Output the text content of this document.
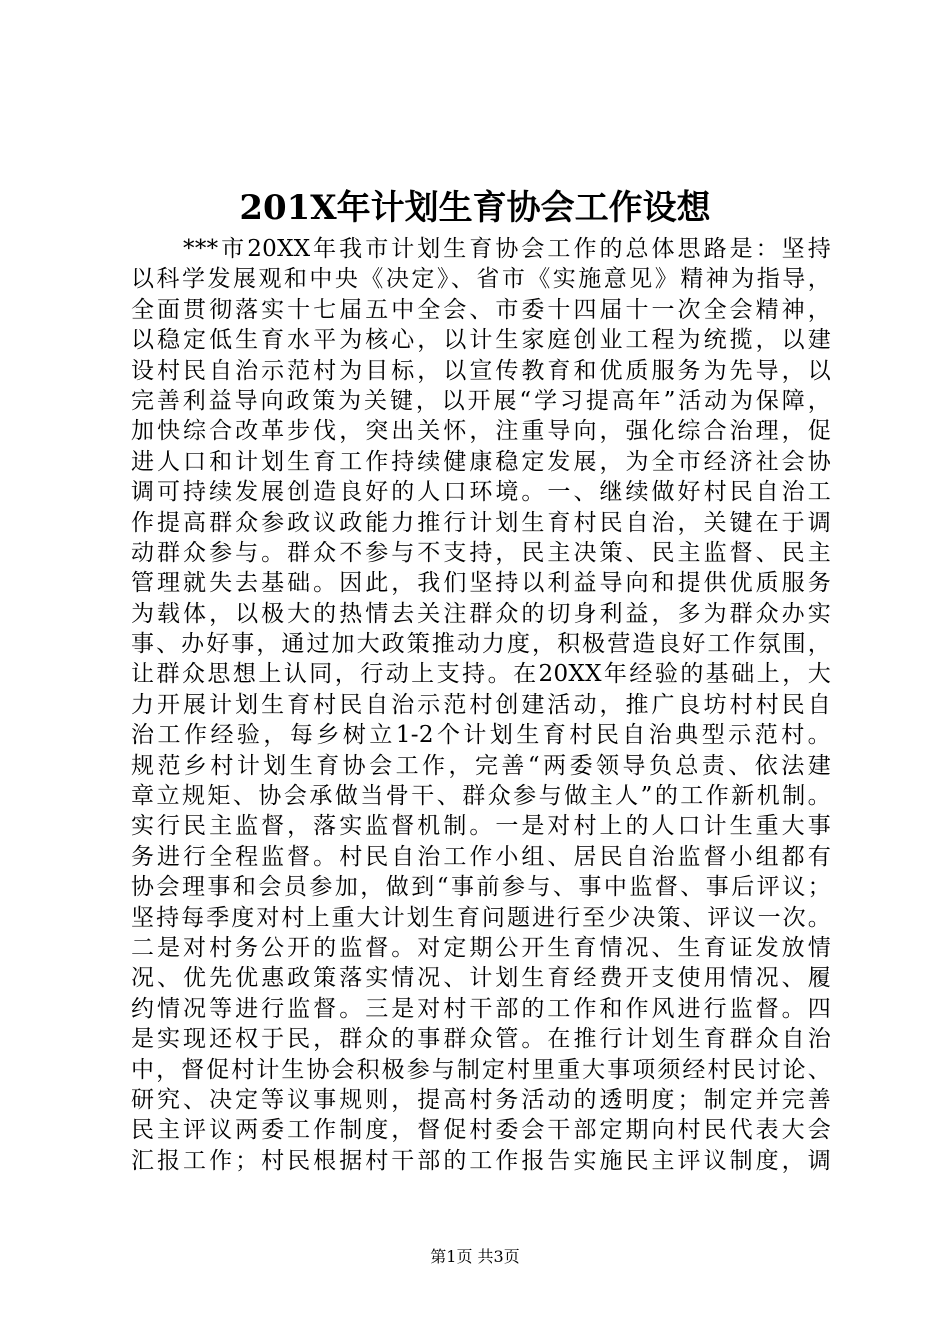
201X年计划生育协会工作设想
　　***市20XX年我市计划生育协会工作的总体思路是：坚持
以科学发展观和中央《决定》、省市《实施意见》精神为指导，
全面贯彻落实十七届五中全会、市委十四届十一次全会精神，
以稳定低生育水平为核心，以计生家庭创业工程为统揽，以建
设村民自治示范村为目标，以宣传教育和优质服务为先导，以
完善利益导向政策为关键，以开展“学习提高年”活动为保障，
加快综合改革步伐，突出关怀，注重导向，强化综合治理，促
进人口和计划生育工作持续健康稳定发展，为全市经济社会协
调可持续发展创造良好的人口环境。一、继续做好村民自治工
作提高群众参政议政能力推行计划生育村民自治，关键在于调
动群众参与。群众不参与不支持，民主决策、民主监督、民主
管理就失去基础。因此，我们坚持以利益导向和提供优质服务
为载体，以极大的热情去关注群众的切身利益，多为群众办实
事、办好事，通过加大政策推动力度，积极营造良好工作氛围，
让群众思想上认同，行动上支持。在20XX年经验的基础上，大
力开展计划生育村民自治示范村创建活动，推广良坊村村民自
治工作经验，每乡树立1-2个计划生育村民自治典型示范村。
规范乡村计划生育协会工作，完善“两委领导负总责、依法建
章立规矩、协会承做当骨干、群众参与做主人”的工作新机制。
实行民主监督，落实监督机制。一是对村上的人口计生重大事
务进行全程监督。村民自治工作小组、居民自治监督小组都有
协会理事和会员参加，做到“事前参与、事中监督、事后评议；
坚持每季度对村上重大计划生育问题进行至少决策、评议一次。
二是对村务公开的监督。对定期公开生育情况、生育证发放情
况、优先优惠政策落实情况、计划生育经费开支使用情况、履
约情况等进行监督。三是对村干部的工作和作风进行监督。四
是实现还权于民，群众的事群众管。在推行计划生育群众自治
中，督促村计生协会积极参与制定村里重大事项须经村民讨论、
研究、决定等议事规则，提高村务活动的透明度；制定并完善
民主评议两委工作制度，督促村委会干部定期向村民代表大会
汇报工作；村民根据村干部的工作报告实施民主评议制度，调
第1页 共3页
